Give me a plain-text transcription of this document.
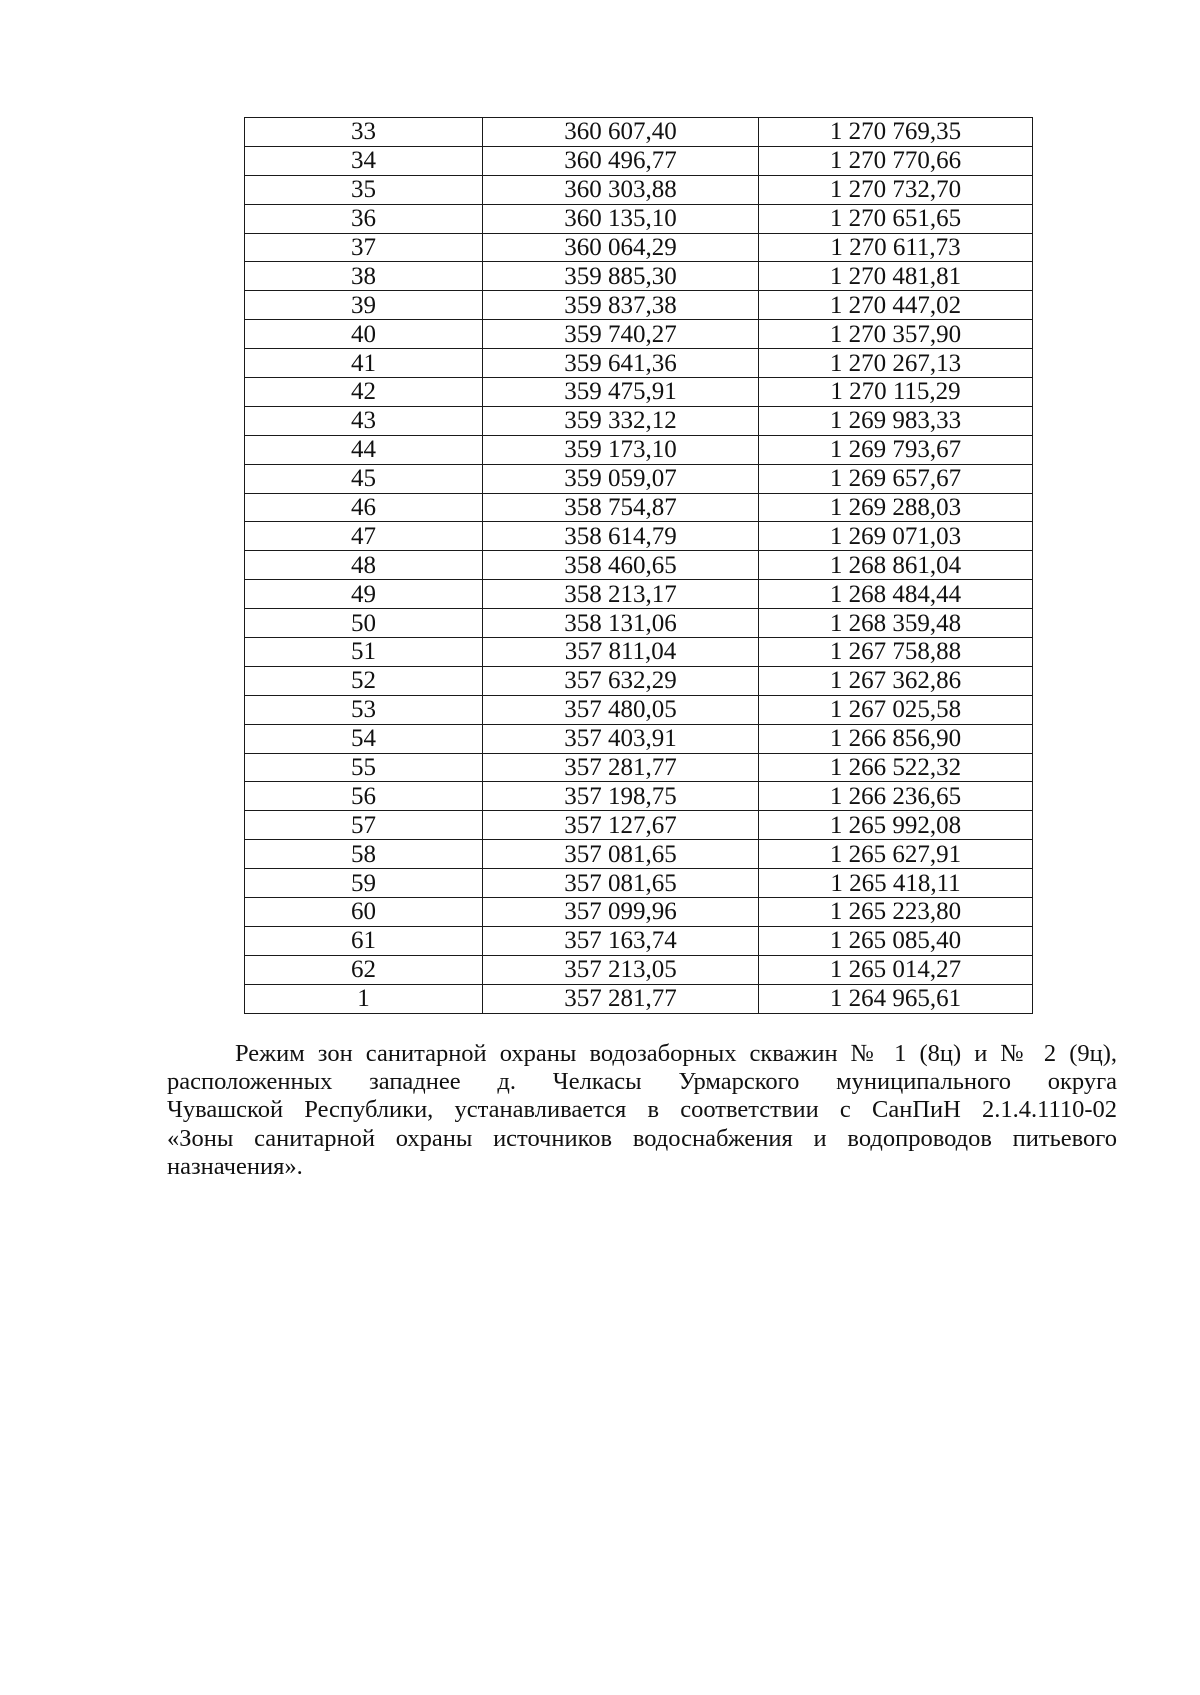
33	360 607,40	1 270 769,35
34	360 496,77	1 270 770,66
35	360 303,88	1 270 732,70
36	360 135,10	1 270 651,65
37	360 064,29	1 270 611,73
38	359 885,30	1 270 481,81
39	359 837,38	1 270 447,02
40	359 740,27	1 270 357,90
41	359 641,36	1 270 267,13
42	359 475,91	1 270 115,29
43	359 332,12	1 269 983,33
44	359 173,10	1 269 793,67
45	359 059,07	1 269 657,67
46	358 754,87	1 269 288,03
47	358 614,79	1 269 071,03
48	358 460,65	1 268 861,04
49	358 213,17	1 268 484,44
50	358 131,06	1 268 359,48
51	357 811,04	1 267 758,88
52	357 632,29	1 267 362,86
53	357 480,05	1 267 025,58
54	357 403,91	1 266 856,90
55	357 281,77	1 266 522,32
56	357 198,75	1 266 236,65
57	357 127,67	1 265 992,08
58	357 081,65	1 265 627,91
59	357 081,65	1 265 418,11
60	357 099,96	1 265 223,80
61	357 163,74	1 265 085,40
62	357 213,05	1 265 014,27
1	357 281,77	1 264 965,61

Режим зон санитарной охраны водозаборных скважин № 1 (8ц) и № 2 (9ц),
расположенных западнее д. Челкасы Урмарского муниципального округа
Чувашской Республики, устанавливается в соответствии с СанПиН 2.1.4.1110-02
«Зоны санитарной охраны источников водоснабжения и водопроводов питьевого
назначения».
